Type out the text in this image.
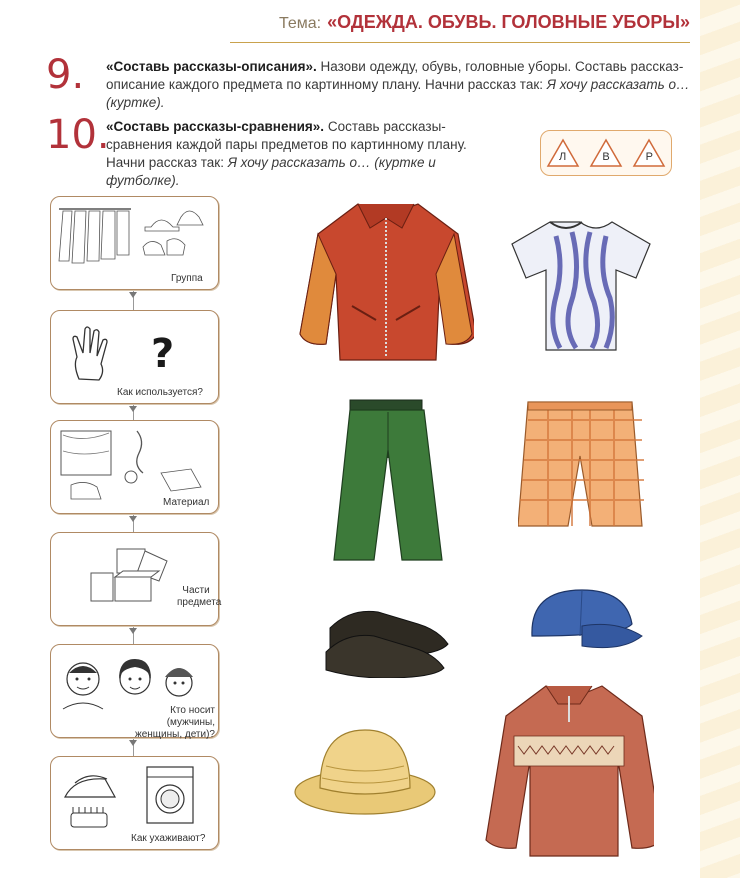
Тема: «ОДЕЖДА. ОБУВЬ. ГОЛОВНЫЕ УБОРЫ»
9. «Составь рассказы-описания». Назови одежду, обувь, головные уборы. Составь рассказ-описание каждого предмета по картинному плану. Начни рассказ так: Я хочу рассказать о… (куртке).
10.
«Составь рассказы-сравнения». Составь рассказы-сравнения каждой пары предметов по картинному плану. Начни рассказ так: Я хочу рассказать о… (куртке и футболке).
Л	В	Р
Группа
?
Как используется?
Материал
Части предмета
Кто носит (мужчины, женщины, дети)?
Как ухаживают?
